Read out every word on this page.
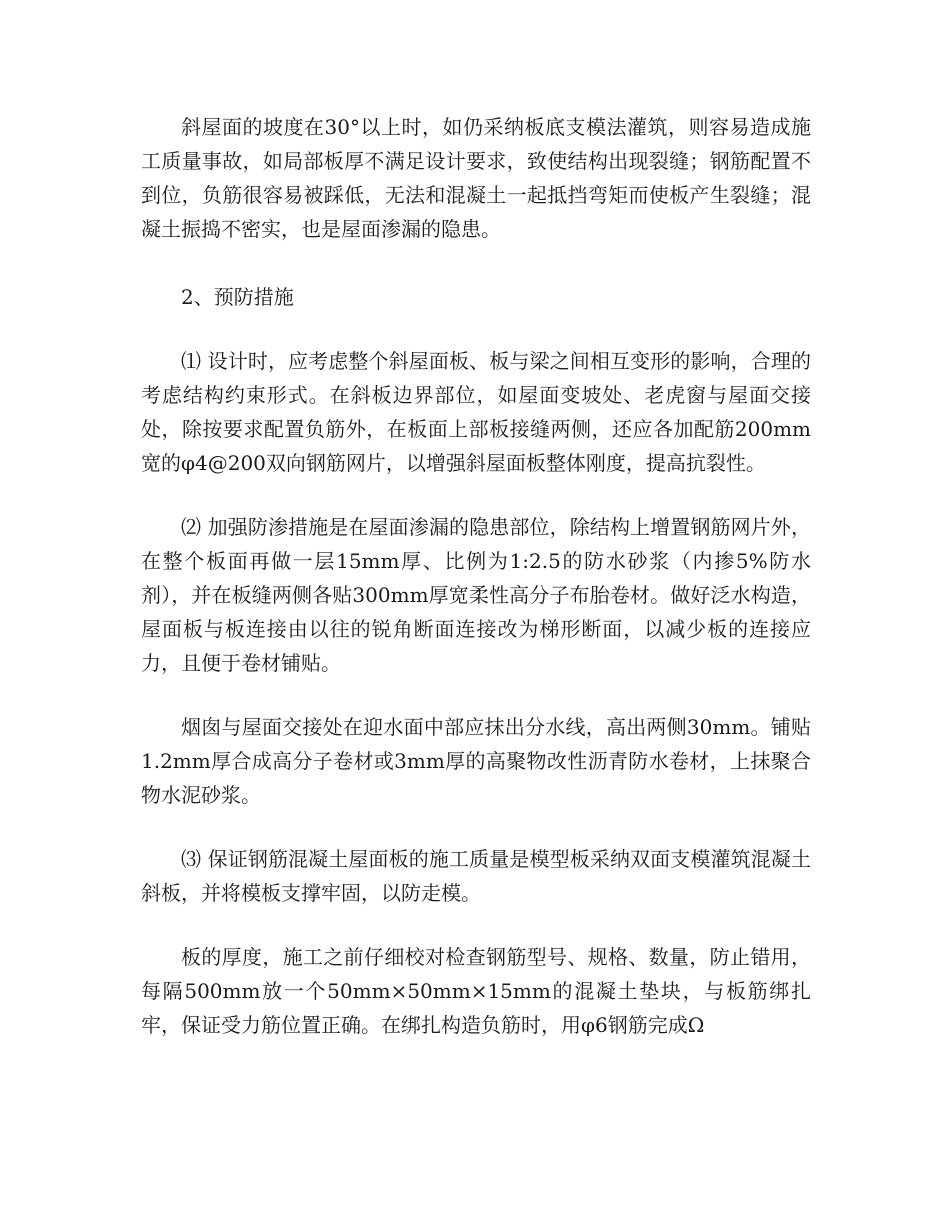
斜屋面的坡度在30°以上时，如仍采纳板底支模法灌筑，则容易造成施工质量事故，如局部板厚不满足设计要求，致使结构出现裂缝；钢筋配置不到位，负筋很容易被踩低，无法和混凝土一起抵挡弯矩而使板产生裂缝；混凝土振捣不密实，也是屋面渗漏的隐患。

2、预防措施

⑴ 设计时，应考虑整个斜屋面板、板与梁之间相互变形的影响，合理的考虑结构约束形式。在斜板边界部位，如屋面变坡处、老虎窗与屋面交接处，除按要求配置负筋外，在板面上部板接缝两侧，还应各加配筋200mm宽的φ4@200双向钢筋网片，以增强斜屋面板整体刚度，提高抗裂性。

⑵ 加强防渗措施是在屋面渗漏的隐患部位，除结构上增置钢筋网片外，在整个板面再做一层15mm厚、比例为1:2.5的防水砂浆（内掺5%防水剂），并在板缝两侧各贴300mm厚宽柔性高分子布胎卷材。做好泛水构造，屋面板与板连接由以往的锐角断面连接改为梯形断面，以减少板的连接应力，且便于卷材铺贴。

烟囱与屋面交接处在迎水面中部应抹出分水线，高出两侧30mm。铺贴1.2mm厚合成高分子卷材或3mm厚的高聚物改性沥青防水卷材，上抹聚合物水泥砂浆。

⑶ 保证钢筋混凝土屋面板的施工质量是模型板采纳双面支模灌筑混凝土斜板，并将模板支撑牢固，以防走模。

板的厚度，施工之前仔细校对检查钢筋型号、规格、数量，防止错用，每隔500mm放一个50mm×50mm×15mm的混凝土垫块，与板筋绑扎牢，保证受力筋位置正确。在绑扎构造负筋时，用φ6钢筋完成Ω
